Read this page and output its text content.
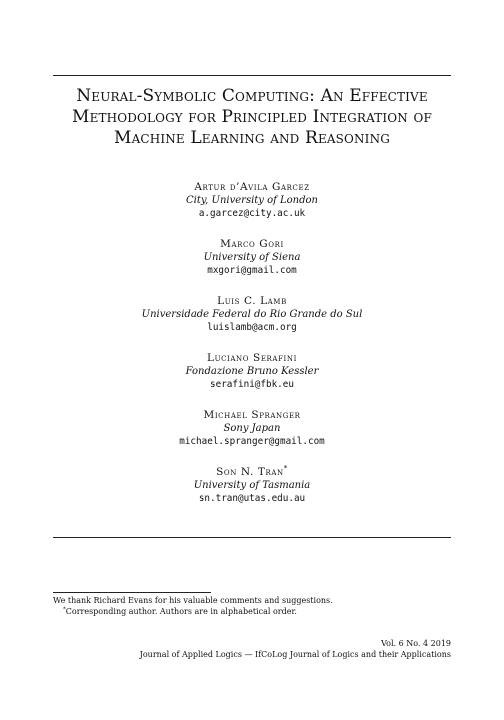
Neural-Symbolic Computing: An Effective
Methodology for Principled Integration of
Machine Learning and Reasoning
Artur d’Avila Garcez
City, University of London
a.garcez@city.ac.uk
Marco Gori
University of Siena
mxgori@gmail.com
Luis C. Lamb
Universidade Federal do Rio Grande do Sul
luislamb@acm.org
Luciano Serafini
Fondazione Bruno Kessler
serafini@fbk.eu
Michael Spranger
Sony Japan
michael.spranger@gmail.com
Son N. Tran*
University of Tasmania
sn.tran@utas.edu.au
We thank Richard Evans for his valuable comments and suggestions.
*Corresponding author. Authors are in alphabetical order.
Vol. 6 No. 4 2019
Journal of Applied Logics — IfCoLog Journal of Logics and their Applications
